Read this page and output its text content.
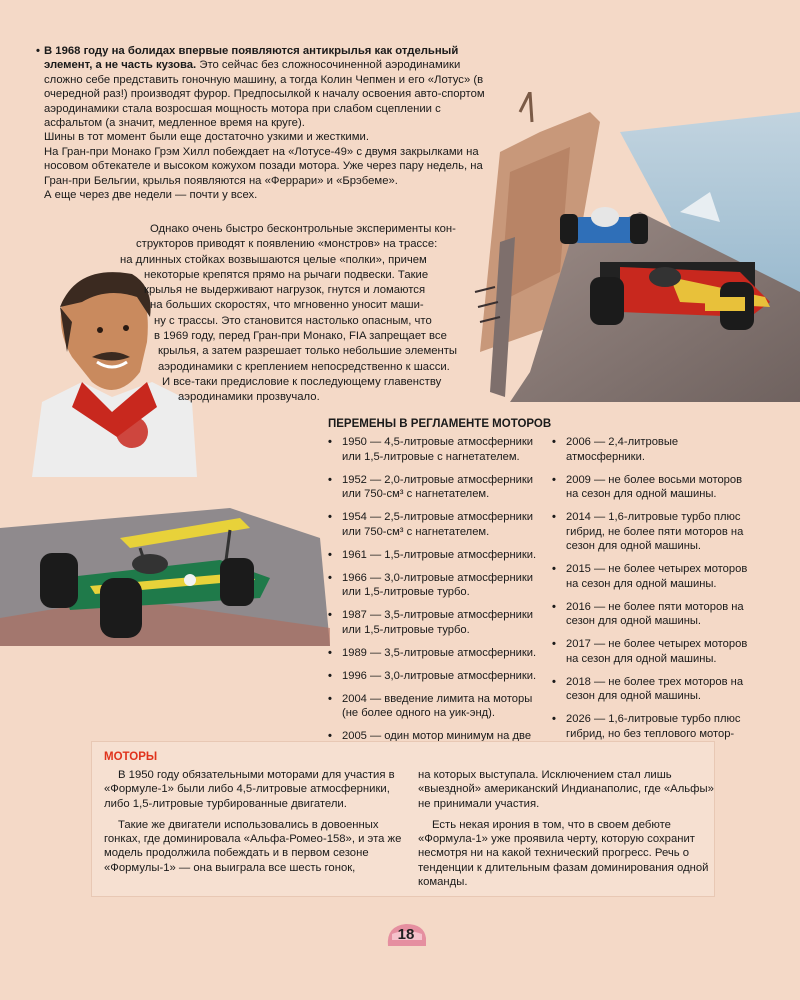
• В 1968 году на болидах впервые появляются антикрылья как отдельный элемент, а не часть кузова. Это сейчас без сложносочиненной аэродинамики сложно себе представить гоночную машину, а тогда Колин Чепмен и его «Лотус» (в очередной раз!) производят фурор. Предпосылкой к началу освоения авто-спортом аэродинамики стала возросшая мощность мотора при слабом сцеплении с асфальтом (а значит, медленное время на круге).

Шины в тот момент были еще достаточно узкими и жесткими.

На Гран-при Монако Грэм Хилл побеждает на «Лотусе-49» с двумя закрылками на носовом обтекателе и высоком кожухом позади мотора. Уже через пару недель, на Гран-при Бельгии, крылья появляются на «Феррари» и «Брэбеме».

А еще через две недели — почти у всех.

Однако очень быстро бесконтрольные эксперименты кон-
структоров приводят к появлению «монстров» на трассе:
на длинных стойках возвышаются целые «полки», причем
некоторые крепятся прямо на рычаги подвески. Такие
крылья не выдерживают нагрузок, гнутся и ломаются
на больших скоростях, что мгновенно уносит маши-
ну с трассы. Это становится настолько опасным, что
в 1969 году, перед Гран-при Монако, FIA запрещает все
крылья, а затем разрешает только небольшие элементы
аэродинамики с креплением непосредственно к шасси.
И все-таки предисловие к последующему главенству
аэродинамики прозвучало.
ПЕРЕМЕНЫ В РЕГЛАМЕНТЕ МОТОРОВ
• 1950 — 4,5-литровые атмосферники или 1,5-литровые с нагнетателем.
• 1952 — 2,0-литровые атмосферники или 750-см³ с нагнетателем.
• 1954 — 2,5-литровые атмосферники или 750-см³ с нагнетателем.
• 1961 — 1,5-литровые атмосферники.
• 1966 — 3,0-литровые атмосферники или 1,5-литровые турбо.
• 1987 — 3,5-литровые атмосферники или 1,5-литровые турбо.
• 1989 — 3,5-литровые атмосферники.
• 1996 — 3,0-литровые атмосферники.
• 2004 — введение лимита на моторы (не более одного на уик-энд).
• 2005 — один мотор минимум на две
• 2006 — 2,4-литровые атмосферники.
• 2009 — не более восьми моторов на сезон для одной машины.
• 2014 — 1,6-литровые турбо плюс гибрид, не более пяти моторов на сезон для одной машины.
• 2015 — не более четырех моторов на сезон для одной машины.
• 2016 — не более пяти моторов на сезон для одной машины.
• 2017 — не более четырех моторов на сезон для одной машины.
• 2018 — не более трех моторов на сезон для одной машины.
• 2026 — 1,6-литровые турбо плюс гибрид, но без теплового мотор-
МОТОРЫ

В 1950 году обязательными моторами для участия в «Формуле-1» были либо 4,5-литровые атмосферники, либо 1,5-литровые турбированные двигатели.

Такие же двигатели использовались в довоенных гонках, где доминировала «Альфа-Ромео-158», и эта же модель продолжила побеждать и в первом сезоне «Формулы-1» — она выиграла все шесть гонок,

на которых выступала. Исключением стал лишь «выездной» американский Индианаполис, где «Альфы» не принимали участия.

Есть некая ирония в том, что в своем дебюте «Формула-1» уже проявила черту, которую сохранит несмотря ни на какой технический прогресс. Речь о тенденции к длительным фазам доминирования одной команды.

18
